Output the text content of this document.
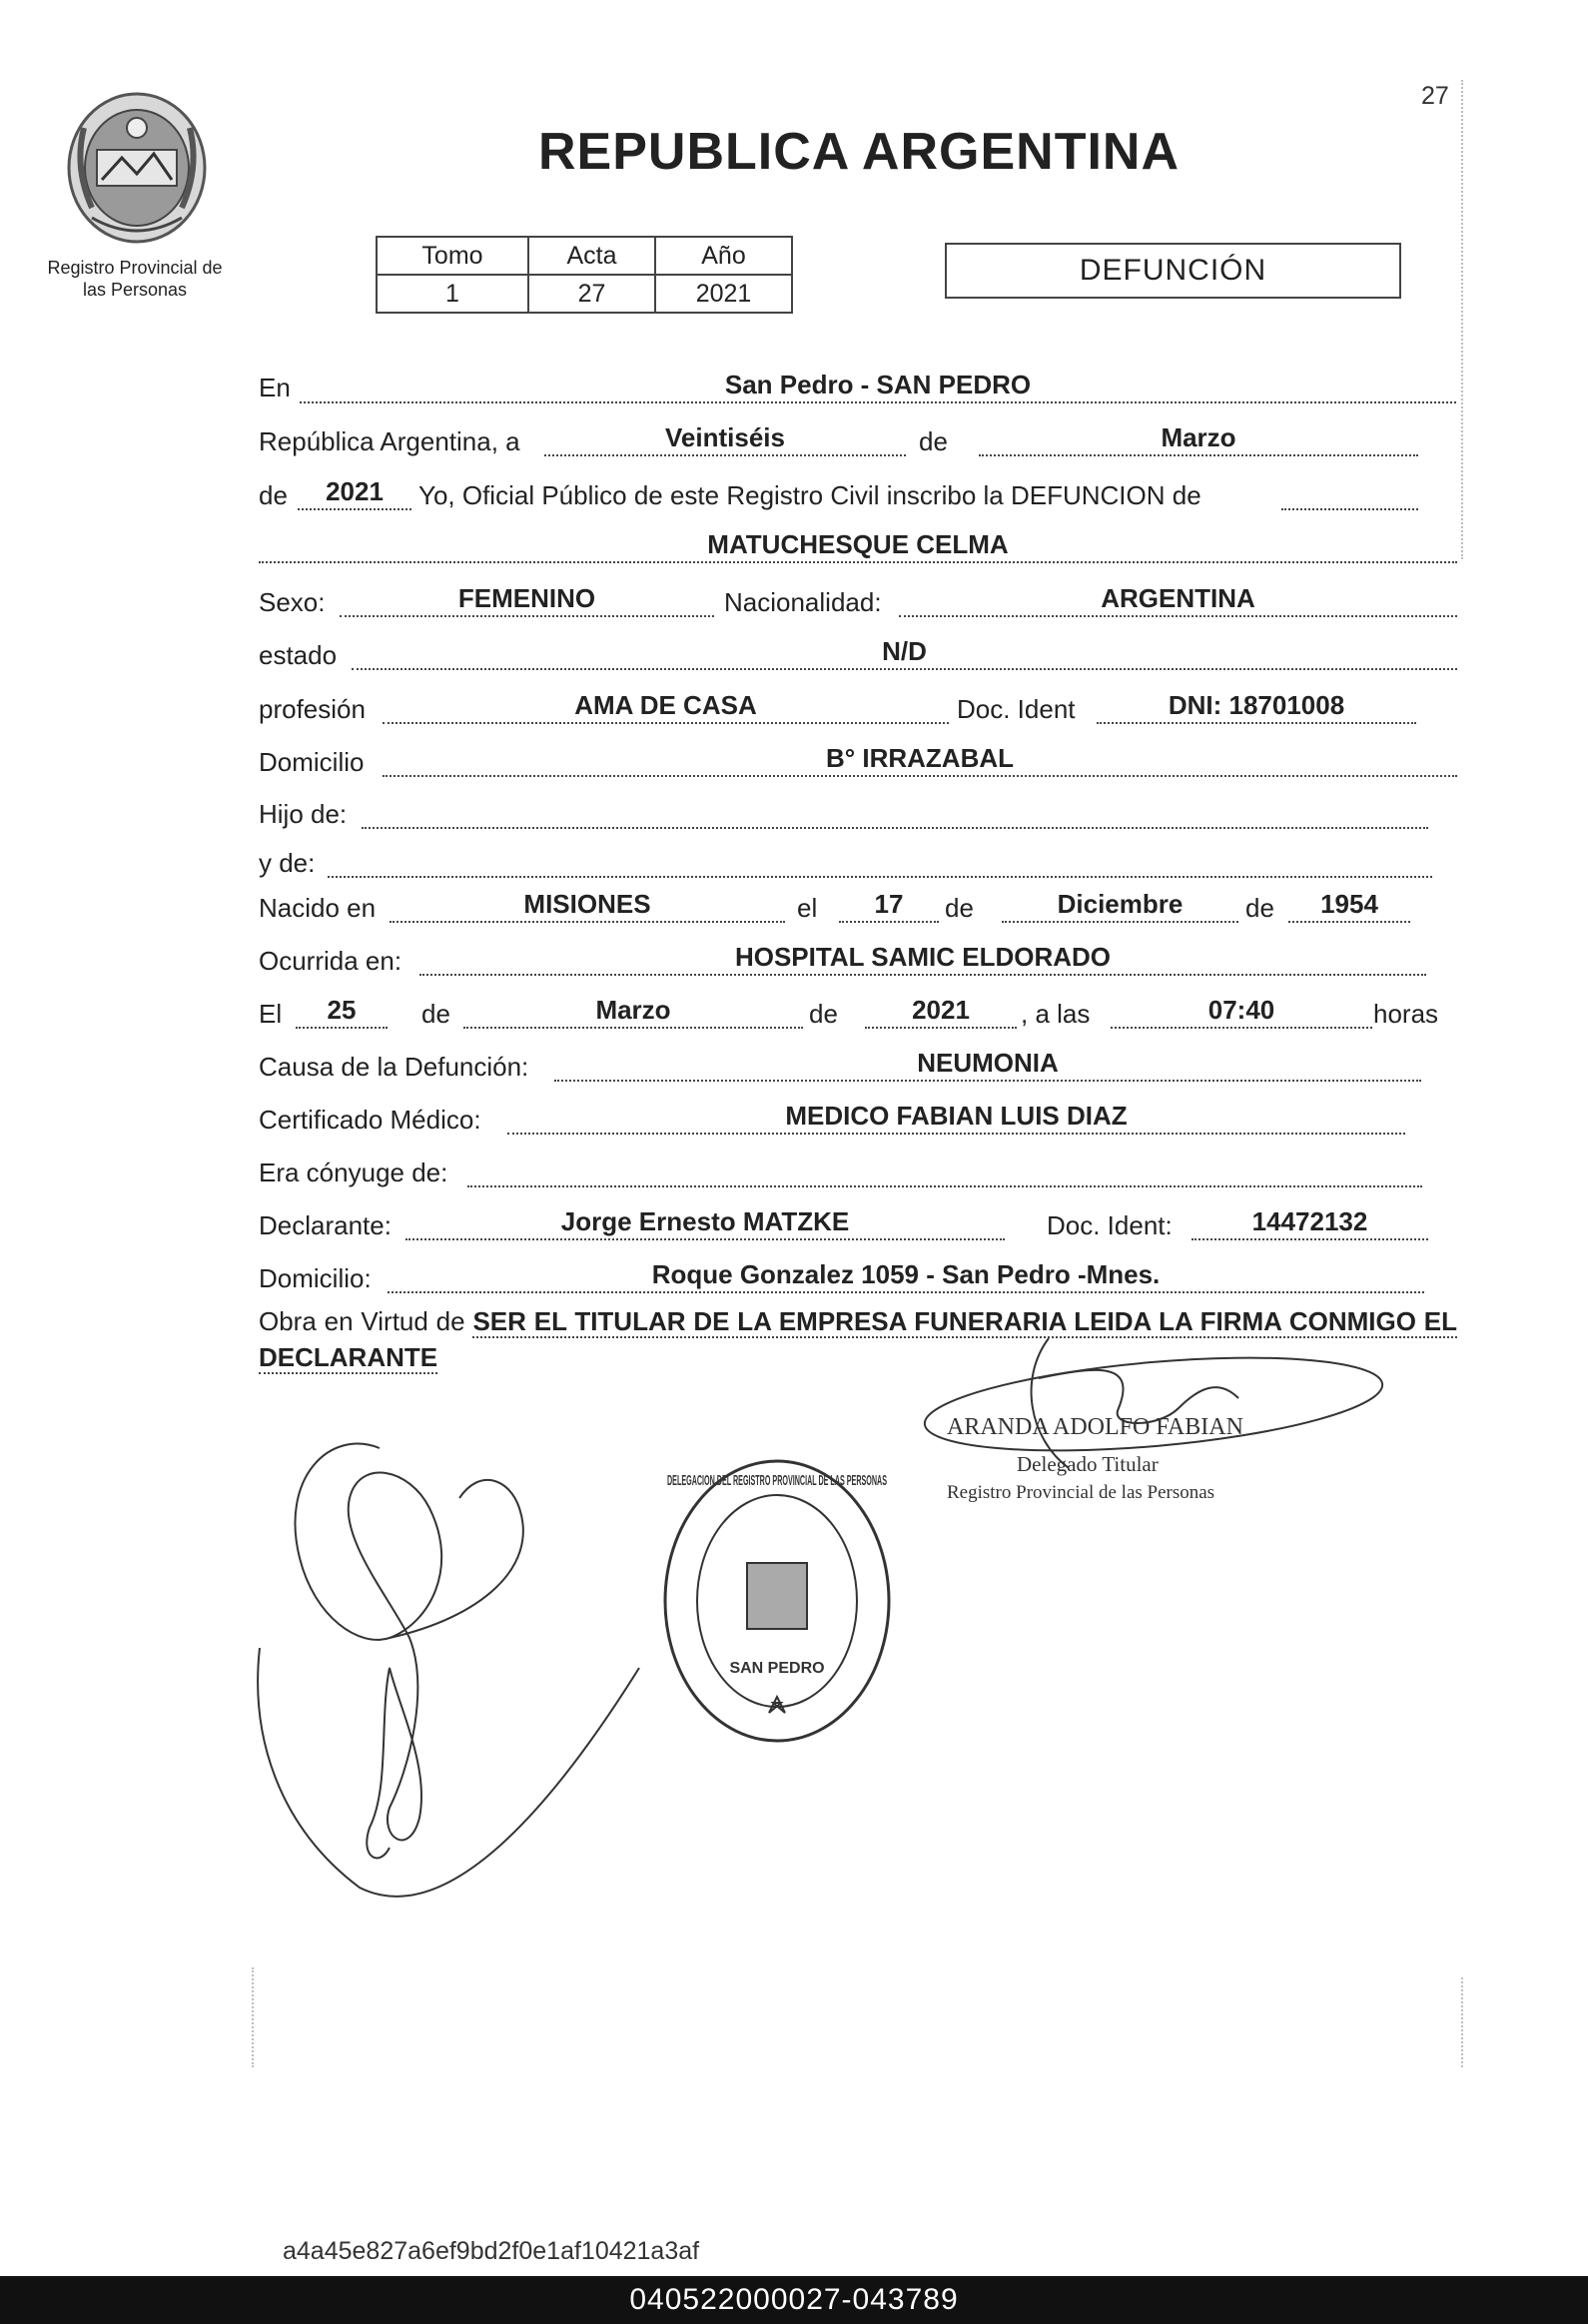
27
Registro Provincial de
las Personas
REPUBLICA ARGENTINA
Tomo	Acta	Año
1	27	2021
DEFUNCIÓN
En	San Pedro - SAN PEDRO
República Argentina, a	Veintiséis	de	Marzo
de	2021	Yo, Oficial Público de este Registro Civil inscribo la DEFUNCION de
MATUCHESQUE CELMA
Sexo:	FEMENINO	Nacionalidad:	ARGENTINA
estado	N/D
profesión	AMA DE CASA	Doc. Ident	DNI: 18701008
Domicilio	B° IRRAZABAL
Hijo de:
y de:
Nacido en	MISIONES	el	17	de	Diciembre	de	1954
Ocurrida en:	HOSPITAL SAMIC ELDORADO
El	25	de	Marzo	de	2021	, a las	07:40	horas
Causa de la Defunción:	NEUMONIA
Certificado Médico:	MEDICO FABIAN LUIS DIAZ
Era cónyuge de:
Declarante:	Jorge Ernesto MATZKE	Doc. Ident:	14472132
Domicilio:	Roque Gonzalez 1059 - San Pedro -Mnes.
Obra en Virtud de SER EL TITULAR DE LA EMPRESA FUNERARIA LEIDA LA FIRMA CONMIGO EL DECLARANTE
DELEGACION DEL REGISTRO PROVINCIAL DE LAS PERSONAS
SAN PEDRO
ARANDA ADOLFO FABIAN
Delegado Titular
Registro Provincial de las Personas
a4a45e827a6ef9bd2f0e1af10421a3af
040522000027-043789
